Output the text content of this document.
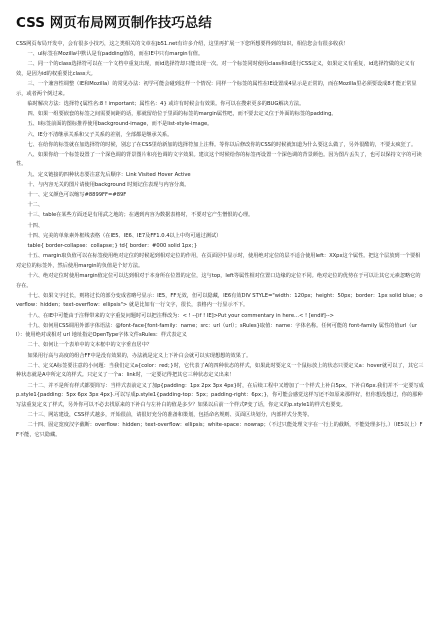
CSS 网页布局网页制作技巧总结

CSS网页布局开发中，会有很多小技巧，这之类相关的文章在jb51.net有许多介绍，这里再扩展一下您所想要得到的知识，相信您会有很多收获！

一、ul标签在Mozilla中默认是有padding值的，而在IE中只有margin有值。

二、同一个的class选择符可以在一个文档中重复出现，而id选择符却只能出现一次。对一个标签同时使用class和id进行CSS定义，如果定义有重复，id选择符做的定义有效，是因为id的权重要比class大。

三、一个兼容性调整（IE和Mozilla）的常见办法：初学可能会碰到这样一个情况：同样一个标签的属性在IE设置成4显示是正常的，而在Mozilla里必须要设成8才能正常显示，或者两个倒过来。

临时解决方法：选择符{属性名:8 ! important；属性名：4} 或许有时候会有效果。你可以在搜索更多的BUG解决方法。

四、如果一组要嵌套的标签之间需要间距的话，那就留给位于里面的标签的margin属性吧，而不要去定义位于外面的标签的padding。

五、li标签前面的图标推荐使用background-image，而不是list-style-image。

六、IE分不清继承关系和父子关系的差别，全部都是继承关系。

七、在给你的标签就在加选择符的时候，别忘了在CSS里给新加的选择符加上注释。等你以后修改你的CSS的时候就知道为什么要这么做了，另外很酷的，不要太疯狂了。

八、如果你给一个标签设置了一个深色调的背景图片和亮色调的文字效果。建议这个时候给你的标签再设置一个深色调的背景颜色。因为图片丢失了，也可以保持文字的可读性。

九、定义链接的四种状态要注意先后顺序：Link Visited Hover Active

十、与内容无关的图片请使用background 时刻记住表现与内容分离。

十一、定义颜色可以缩写#8899FF=#89F

十二、

十三、table在某些方面还是有用武之地的；在遇到内容为数据表格时，不要对它产生憎恨的心理。

十四、

十四、完美的单象素外框线表格（在IE5、IE6、IE7及FF1.0.4以上中均可通过测试）

table{ border-collapse：collapse；} td{ border：#000 solid 1px；}

十五、margin取负值可以在标签使用绝对定位的时候起到相对定位的作用，在页面居中显示时，使用绝对定位的层不适合使用left：XXpx这个属性。把这个层放到一个要相对定位的标签外，然后使用margin的负值是个好方法。

十六、绝对定位时使用margin值定位可以达到相对于本身所在位置的定位，这与top，left等属性相对位置口边缘的定位不同。绝对定位的优势在于可以让其它元素忽略它的存在。

十七、如果文字过长，则将过长的部分变成省略号显示：IE5，FF无效，但可以隐藏，IE6有效DIV STYLE="width：120px；height：50px；border：1px solid blue；overflow：hidden；text-overflow：ellipsis"> 就是比如有一行文字，很长，表格内一行显示不下。

十八、在IE中可能由于注释带来的文字重复问题时可以把注释改为：< ! --[if ! IE]>Put your commentary in here...< ! [endif]-->

十九、如何用CSS调用外部字体语法：@font-face{font-family：name；src：url（url）；sRules}取值：name：字体名称。任何可能的 font-family 属性的值url（url）：使用绝对或相对 url 地址指定OpenType字体文件sRules：样式表定义

二十、如何让一个表单中的文本框中的文字垂直居中？

如果用行高与高度的组合FF中是没有效果的，办法就是定义上下补白会就可以实现想想的效果了。

二十、定义A标签要注意的小问题：当我们定义a{color：red；}时，它代表了A的四种状态的样式，如果此时要定义一个鼠标放上的状态只要定义a：hover就可以了，其它三种状态就是A中所定义的样式。只定义了一个a：link时，一定要记得把其它三种状态定义出来！

二十二、并不是所有样式都要简写：当样式表前定义了加p{padding：1px 2px 3px 4px}时，在后续工程中又增加了一个样式上补白5px，下补白6px.我们并不一定要写成p.style1{padding：5px 6px 3px 4px}.可以写成p.style1{padding-top：5px；padding-right：6px；}，你可能会感觉这样写还不如原来那样好，但你想没想过，你的那种写法重复定义了样式，另外你可以不必去找原来的下补白与左补白的值是多少？如果以后前一个样式P变了话，你定义的p.style1的样式也要变。

二十三、网站建设，CSS样式越多，开始很前，请很好充分的准备和策划，包括命名规则、页面区块划分，内部样式分类等。

二十四、固定宽度汉字截断：overflow：hidden；text-overflow：ellipsis；white-space：nowrap；（不过只能处理文字在一行上的截断，不能处理多行。）（IE5以上）FF不能，它只隐藏。
